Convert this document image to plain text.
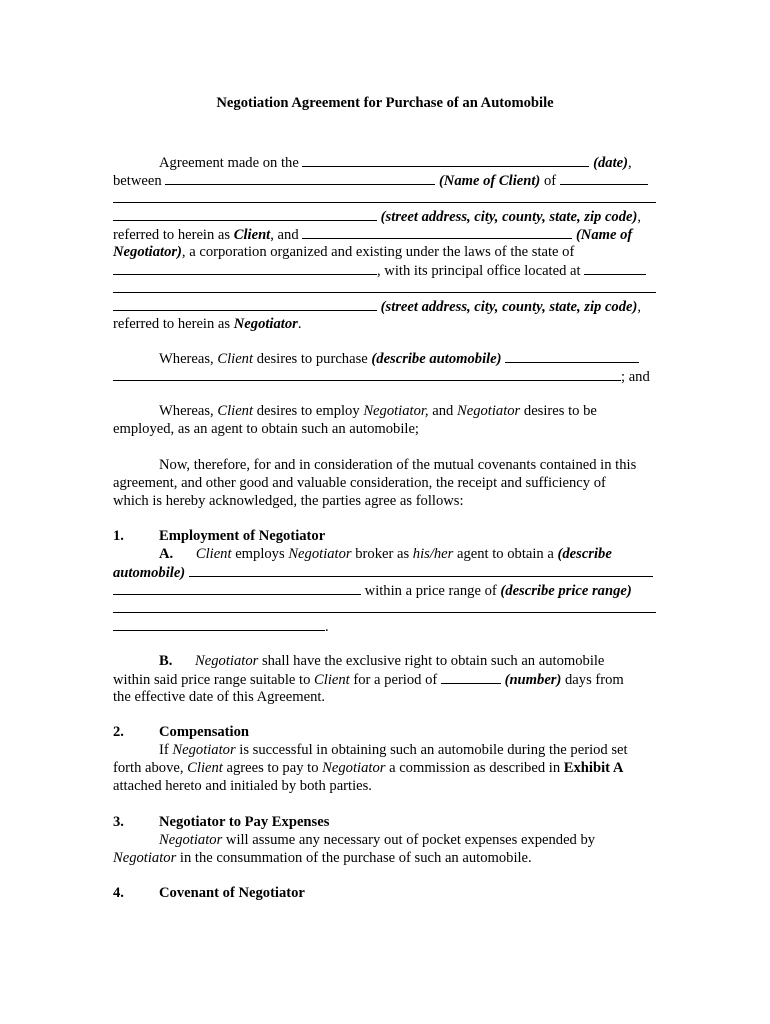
Negotiation Agreement for Purchase of an Automobile
Agreement made on the	(date),
between	(Name of Client) of
(street address, city, county, state, zip code),
referred to herein as Client, and	(Name of
Negotiator), a corporation organized and existing under the laws of the state of
, with its principal office located at
(street address, city, county, state, zip code),
referred to herein as Negotiator.
Whereas, Client desires to purchase (describe automobile)
; and
Whereas, Client desires to employ Negotiator, and Negotiator desires to be
employed, as an agent to obtain such an automobile;
Now, therefore, for and in consideration of the mutual covenants contained in this
agreement, and other good and valuable consideration, the receipt and sufficiency of
which is hereby acknowledged, the parties agree as follows:
1. Employment of Negotiator
A. Client employs Negotiator broker as his/her agent to obtain a (describe
automobile)
within a price range of (describe price range)
.
B. Negotiator shall have the exclusive right to obtain such an automobile
within said price range suitable to Client for a period of	(number) days from
the effective date of this Agreement.
2. Compensation
If Negotiator is successful in obtaining such an automobile during the period set
forth above, Client agrees to pay to Negotiator a commission as described in Exhibit A
attached hereto and initialed by both parties.
3. Negotiator to Pay Expenses
Negotiator will assume any necessary out of pocket expenses expended by
Negotiator in the consummation of the purchase of such an automobile.
4. Covenant of Negotiator
